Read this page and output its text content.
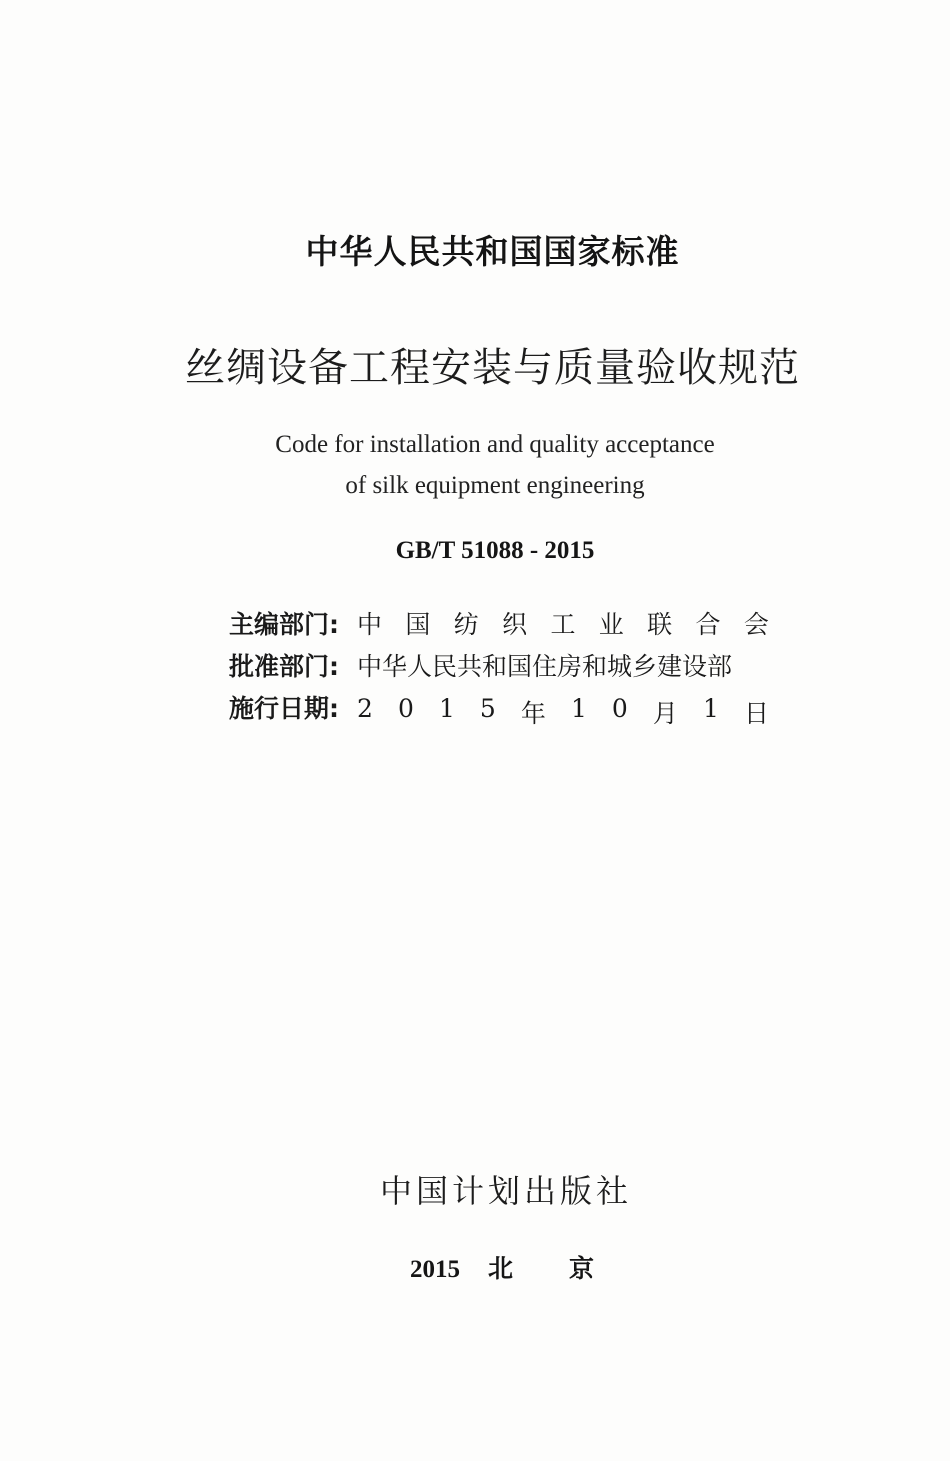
中华人民共和国国家标准
丝绸设备工程安装与质量验收规范
Code for installation and quality acceptance
of silk equipment engineering
GB/T 51088 - 2015
主编部门: 中 国 纺 织 工 业 联 合 会
批准部门: 中华人民共和国住房和城乡建设部
施行日期: 2 0 1 5 年 1 0 月 1 日
中国计划出版社
2015 北京
